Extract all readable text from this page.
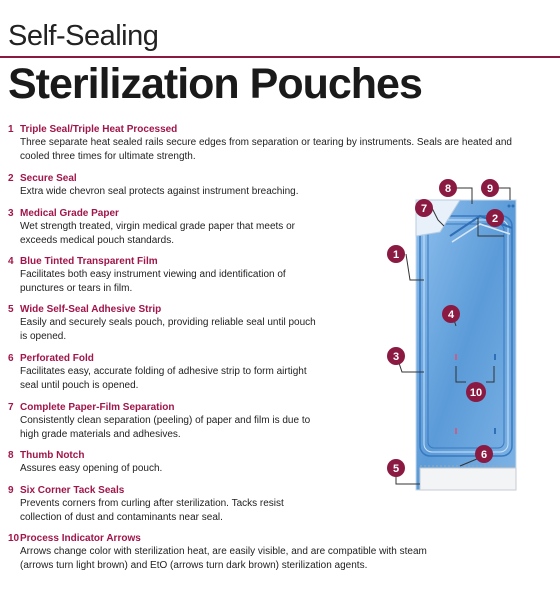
Self-Sealing
Sterilization Pouches
1 Triple Seal/Triple Heat Processed
Three separate heat sealed rails secure edges from separation or tearing by instruments. Seals are heated and
cooled three times for ultimate strength.
2 Secure Seal
Extra wide chevron seal protects against instrument breaching.
3 Medical Grade Paper
Wet strength treated, virgin medical grade paper that meets or
exceeds medical pouch standards.
4 Blue Tinted Transparent Film
Facilitates both easy instrument viewing and identification of
punctures or tears in film.
5 Wide Self-Seal Adhesive Strip
Easily and securely seals pouch, providing reliable seal until pouch
is opened.
6 Perforated Fold
Facilitates easy, accurate folding of adhesive strip to form airtight
seal until pouch is opened.
7 Complete Paper-Film Separation
Consistently clean separation (peeling) of paper and film is due to
high grade materials and adhesives.
8 Thumb Notch
Assures easy opening of pouch.
9 Six Corner Tack Seals
Prevents corners from curling after sterilization. Tacks resist
collection of dust and contaminants near seal.
10Process Indicator Arrows
Arrows change color with sterilization heat, are easily visible, and are compatible with steam
(arrows turn light brown) and EtO (arrows turn dark brown) sterilization agents.
1
2
3
4
5
6
7
8	9
10
